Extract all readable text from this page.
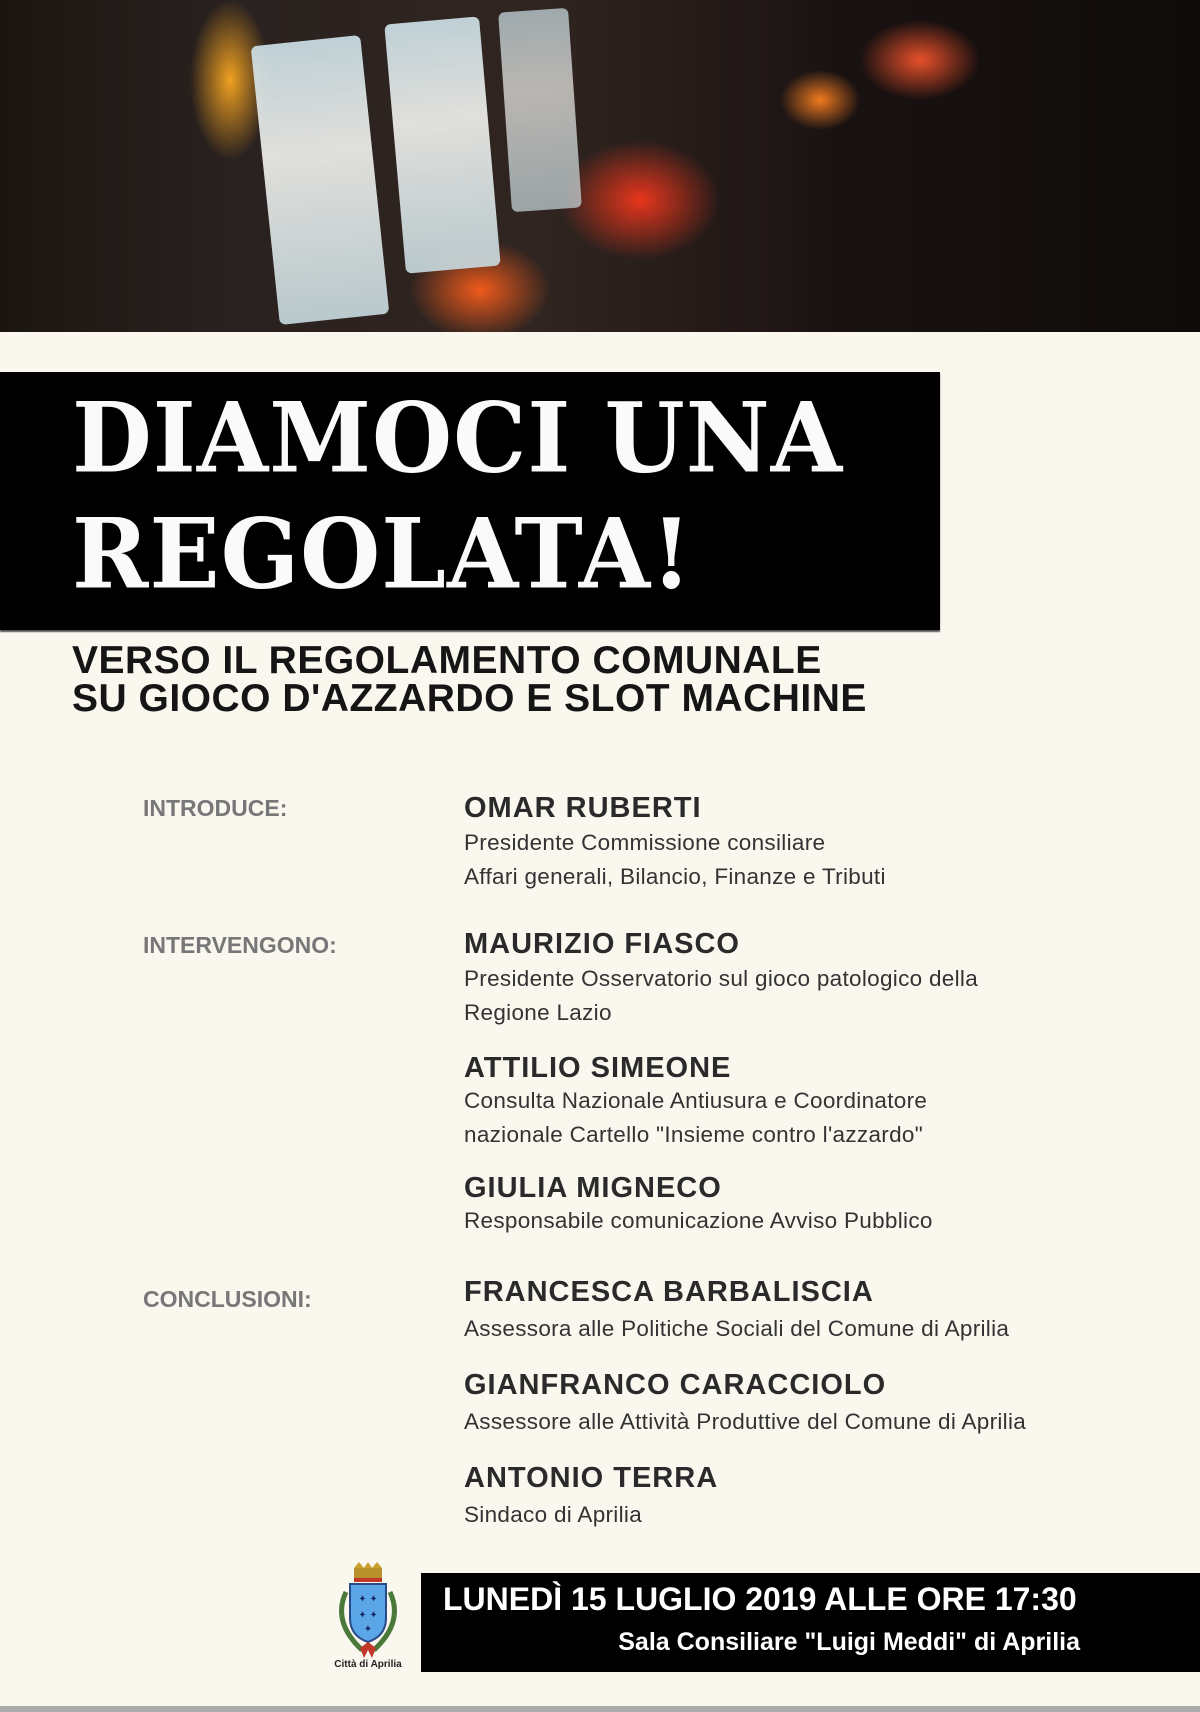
DIAMOCI UNA
REGOLATA!
VERSO IL REGOLAMENTO COMUNALE
SU GIOCO D'AZZARDO E SLOT MACHINE
INTRODUCE:
INTERVENGONO:
CONCLUSIONI:
OMAR RUBERTI
Presidente Commissione consiliare
Affari generali, Bilancio, Finanze e Tributi
MAURIZIO FIASCO
Presidente Osservatorio sul gioco patologico della
Regione Lazio
ATTILIO SIMEONE
Consulta Nazionale Antiusura e Coordinatore
nazionale Cartello "Insieme contro l'azzardo"
GIULIA MIGNECO
Responsabile comunicazione Avviso Pubblico
FRANCESCA BARBALISCIA
Assessora alle Politiche Sociali del Comune di Aprilia
GIANFRANCO CARACCIOLO
Assessore alle Attività Produttive del Comune di Aprilia
ANTONIO TERRA
Sindaco di Aprilia
✦ ✦
✦ ✦
✦
Città di Aprilia
LUNEDÌ 15 LUGLIO 2019 ALLE ORE 17:30
Sala Consiliare "Luigi Meddi" di Aprilia
